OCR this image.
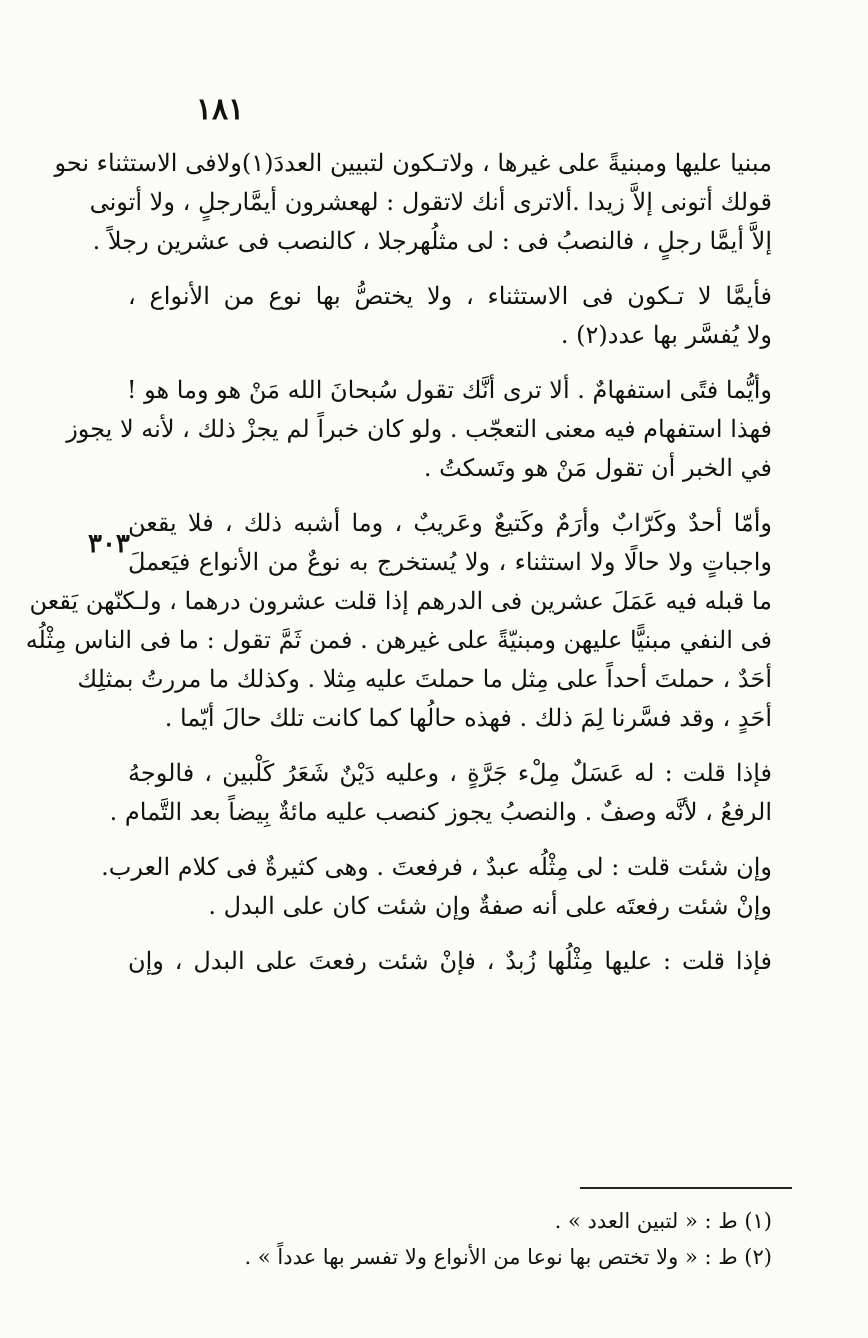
١٨١
٣٠٣
مبنيا عليها ومبنيةً على غيرها ، ولاتـكون لتبيين العددَ(١)ولافى الاستثناء نحو
قولك أتونى إلاَّ زيدا .ألاترى أنك لاتقول : لهعشرون أيمَّارجلٍ ، ولا أتونى
إلاَّ أيمَّا رجلٍ ، فالنصبُ فى : لى مثلُهرجلا ، كالنصب فى عشرين رجلاً .
فأيمَّا لا تـكون فى الاستثناء ، ولا يختصُّ بها نوع من الأنواع ،
ولا يُفسَّر بها عدد(٢) .
وأيُّما فتًى استفهامٌ . ألا ترى أنَّك تقول سُبحانَ الله مَنْ هو وما هو !
فهذا استفهام فيه معنى التعجّب . ولو كان خبراً لم يجزْ ذلك ، لأنه لا يجوز
في الخبر أن تقول مَنْ هو وتَسكتُ .
وأمّا أحدٌ وكَرّابٌ وأرَمٌ وكَتيعٌ وعَريبٌ ، وما أشبه ذلك ، فلا يقعن
واجباتٍ ولا حالًا ولا استثناء ، ولا يُستخرج به نوعٌ من الأنواع فيَعملَ
ما قبله فيه عَمَلَ عشرين فى الدرهم إذا قلت عشرون درهما ، ولـكنّهن يَقعن
فى النفي مبنيًّا عليهن ومبنيّةً على غيرهن . فمن ثَمَّ تقول : ما فى الناس مِثْلُه
أحَدٌ ، حملتَ أحداً على مِثل ما حملتَ عليه مِثلا . وكذلك ما مررتُ بمثلِك
أحَدٍ ، وقد فسَّرنا لِمَ ذلك . فهذه حالُها كما كانت تلك حالَ أيّما .
فإذا قلت : له عَسَلٌ مِلْء جَرَّةٍ ، وعليه دَيْنٌ شَعَرُ كَلْبين ، فالوجهُ
الرفعُ ، لأنَّه وصفٌ . والنصبُ يجوز كنصب عليه مائةٌ بِيضاً بعد التَّمام .
وإن شئت قلت : لى مِثْلُه عبدٌ ، فرفعتَ . وهى كثيرةٌ فى كلام العرب.
وإنْ شئت رفعتَه على أنه صفةٌ وإن شئت كان على البدل .
فإذا قلت : عليها مِثْلُها زُبدٌ ، فإنْ شئت رفعتَ على البدل ، وإن
(١) ط : « لتبين العدد » .
(٢) ط : « ولا تختص بها نوعا من الأنواع ولا تفسر بها عدداً » .
